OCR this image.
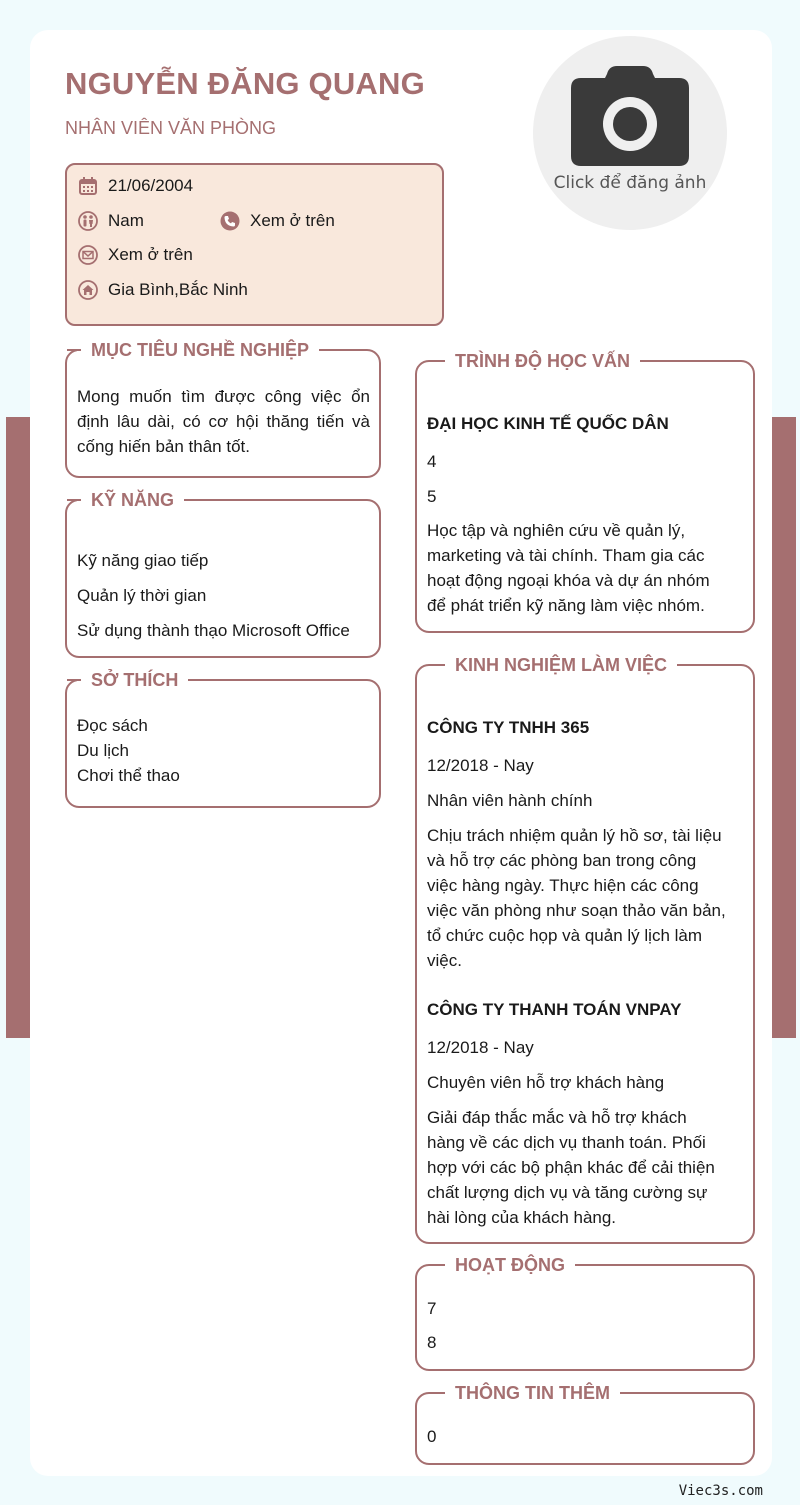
NGUYỄN ĐĂNG QUANG
NHÂN VIÊN VĂN PHÒNG
Click để đăng ảnh
21/06/2004
Nam	Xem ở trên
Xem ở trên
Gia Bình,Bắc Ninh
MỤC TIÊU NGHỀ NGHIỆP
Mong muốn tìm được công việc ổn định lâu dài, có cơ hội thăng tiến và cống hiến bản thân tốt.
KỸ NĂNG
Kỹ năng giao tiếp
Quản lý thời gian
Sử dụng thành thạo Microsoft Office
SỞ THÍCH
Đọc sách
Du lịch
Chơi thể thao
TRÌNH ĐỘ HỌC VẤN
ĐẠI HỌC KINH TẾ QUỐC DÂN
4
5
Học tập và nghiên cứu về quản lý, marketing và tài chính. Tham gia các hoạt động ngoại khóa và dự án nhóm để phát triển kỹ năng làm việc nhóm.
KINH NGHIỆM LÀM VIỆC
CÔNG TY TNHH 365
12/2018 - Nay
Nhân viên hành chính
Chịu trách nhiệm quản lý hồ sơ, tài liệu và hỗ trợ các phòng ban trong công việc hàng ngày. Thực hiện các công việc văn phòng như soạn thảo văn bản, tổ chức cuộc họp và quản lý lịch làm việc.
CÔNG TY THANH TOÁN VNPAY
12/2018 - Nay
Chuyên viên hỗ trợ khách hàng
Giải đáp thắc mắc và hỗ trợ khách hàng về các dịch vụ thanh toán. Phối hợp với các bộ phận khác để cải thiện chất lượng dịch vụ và tăng cường sự hài lòng của khách hàng.
HOẠT ĐỘNG
7
8
THÔNG TIN THÊM
0
Viec3s.com
